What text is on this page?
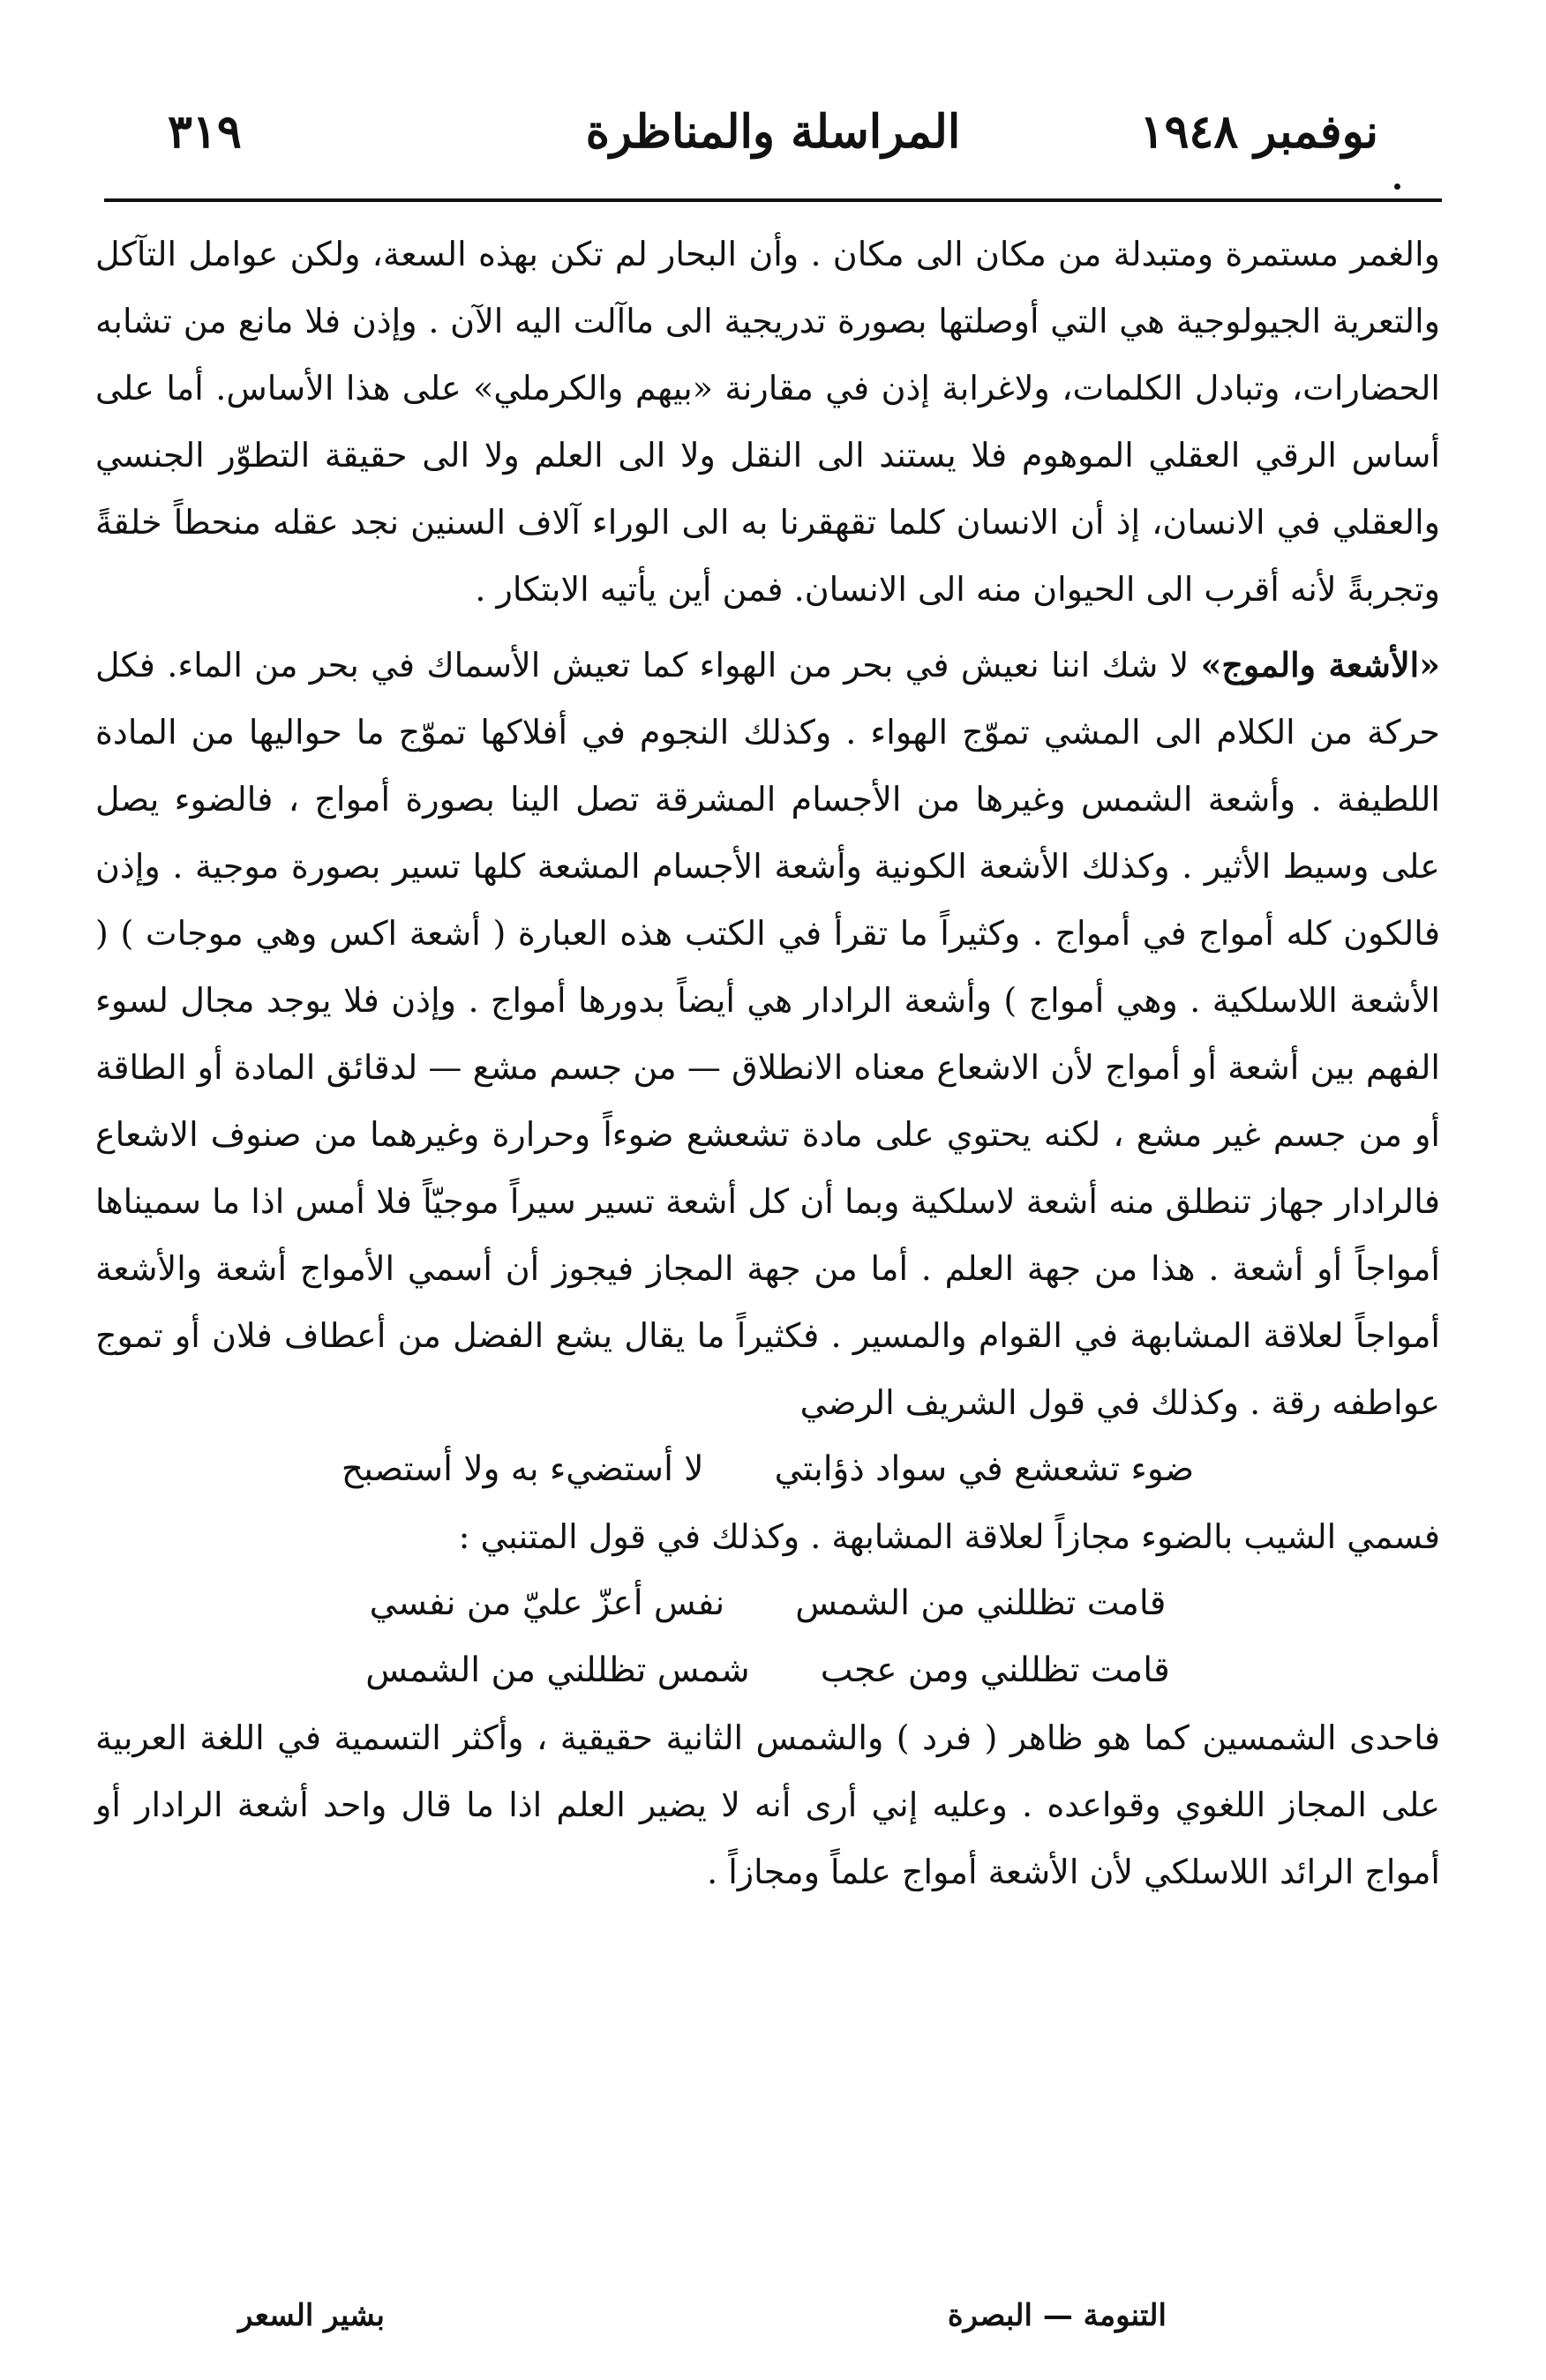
نوفمبر ١٩٤٨
المراسلة والمناظرة
٣١٩

والغمر مستمرة ومتبدلة من مكان الى مكان . وأن البحار لم تكن بهذه السعة، ولكن عوامل التآكل والتعرية الجيولوجية هي التي أوصلتها بصورة تدريجية الى ماآلت اليه الآن . وإذن فلا مانع من تشابه الحضارات، وتبادل الكلمات، ولاغرابة إذن في مقارنة «بيهم والكرملي» على هذا الأساس. أما على أساس الرقي العقلي الموهوم فلا يستند الى النقل ولا الى العلم ولا الى حقيقة التطوّر الجنسي والعقلي في الانسان، إذ أن الانسان كلما تقهقرنا به الى الوراء آلاف السنين نجد عقله منحطاً خلقةً وتجربةً لأنه أقرب الى الحيوان منه الى الانسان. فمن أين يأتيه الابتكار .

«الأشعة والموج» لا شك اننا نعيش في بحر من الهواء كما تعيش الأسماك في بحر من الماء. فكل حركة من الكلام الى المشي تموّج الهواء . وكذلك النجوم في أفلاكها تموّج ما حواليها من المادة اللطيفة . وأشعة الشمس وغيرها من الأجسام المشرقة تصل الينا بصورة أمواج ، فالضوء يصل على وسيط الأثير . وكذلك الأشعة الكونية وأشعة الأجسام المشعة كلها تسير بصورة موجية . وإذن فالكون كله أمواج في أمواج . وكثيراً ما تقرأ في الكتب هذه العبارة ( أشعة اكس وهي موجات ) ( الأشعة اللاسلكية . وهي أمواج ) وأشعة الرادار هي أيضاً بدورها أمواج . وإذن فلا يوجد مجال لسوء الفهم بين أشعة أو أمواج لأن الاشعاع معناه الانطلاق — من جسم مشع — لدقائق المادة أو الطاقة أو من جسم غير مشع ، لكنه يحتوي على مادة تشعشع ضوءاً وحرارة وغيرهما من صنوف الاشعاع فالرادار جهاز تنطلق منه أشعة لاسلكية وبما أن كل أشعة تسير سيراً موجيّاً فلا أمس اذا ما سميناها أمواجاً أو أشعة . هذا من جهة العلم . أما من جهة المجاز فيجوز أن أسمي الأمواج أشعة والأشعة أمواجاً لعلاقة المشابهة في القوام والمسير . فكثيراً ما يقال يشع الفضل من أعطاف فلان أو تموج عواطفه رقة . وكذلك في قول الشريف الرضي

ضوء تشعشع في سواد ذؤابتي
لا أستضيء به ولا أستصبح

فسمي الشيب بالضوء مجازاً لعلاقة المشابهة . وكذلك في قول المتنبي :

قامت تظللني من الشمس
نفس أعزّ عليّ من نفسي
قامت تظللني ومن عجب
شمس تظللني من الشمس

فاحدى الشمسين كما هو ظاهر ( فرد ) والشمس الثانية حقيقية ، وأكثر التسمية في اللغة العربية على المجاز اللغوي وقواعده . وعليه إني أرى أنه لا يضير العلم اذا ما قال واحد أشعة الرادار أو أمواج الرائد اللاسلكي لأن الأشعة أمواج علماً ومجازاً .

التنومة — البصرة
بشير السعر
